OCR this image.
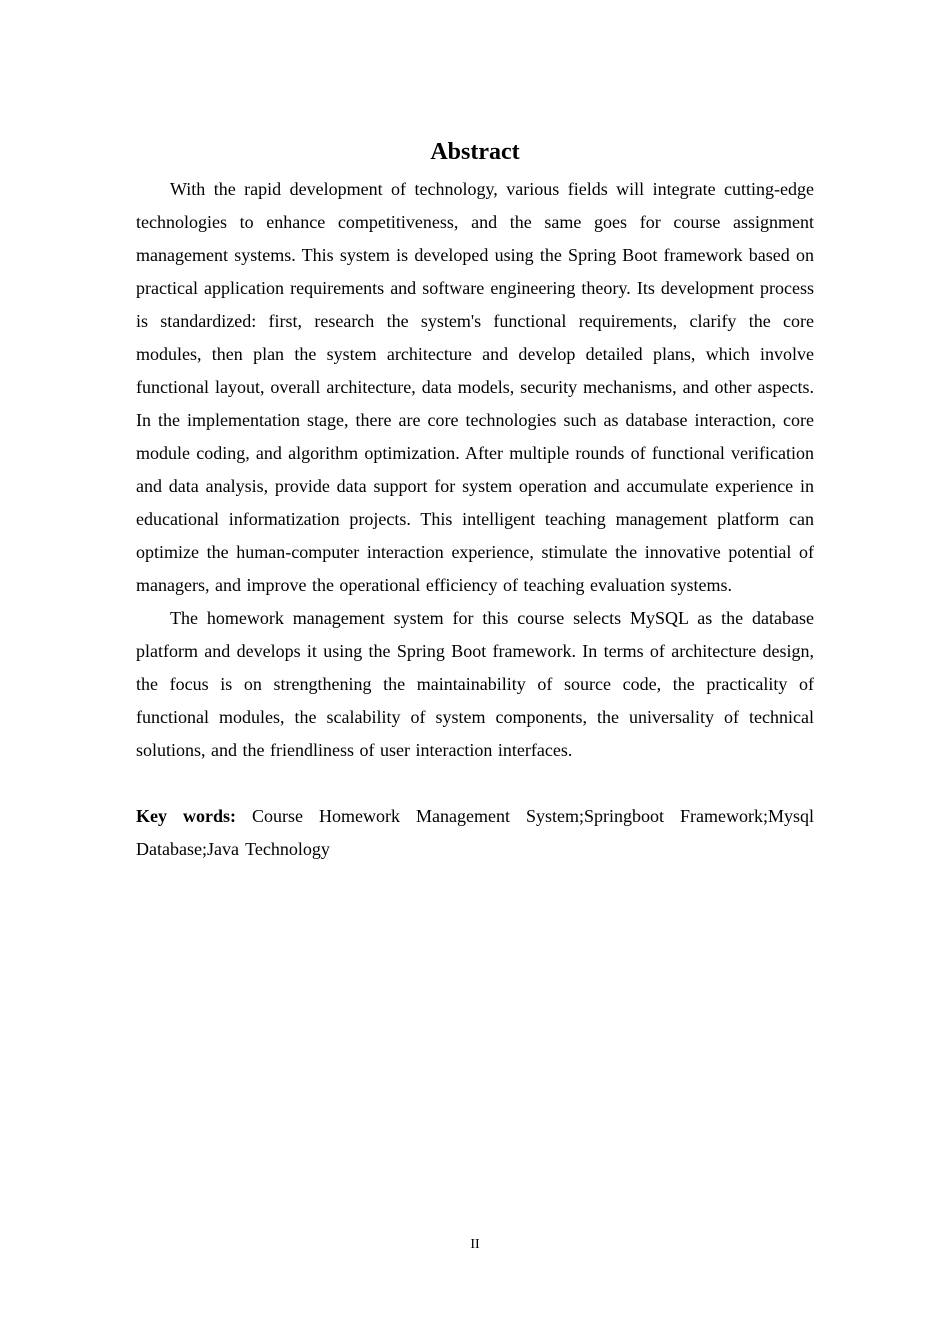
Abstract

With the rapid development of technology, various fields will integrate cutting-edge technologies to enhance competitiveness, and the same goes for course assignment management systems. This system is developed using the Spring Boot framework based on practical application requirements and software engineering theory. Its development process is standardized: first, research the system's functional requirements, clarify the core modules, then plan the system architecture and develop detailed plans, which involve functional layout, overall architecture, data models, security mechanisms, and other aspects. In the implementation stage, there are core technologies such as database interaction, core module coding, and algorithm optimization. After multiple rounds of functional verification and data analysis, provide data support for system operation and accumulate experience in educational informatization projects. This intelligent teaching management platform can optimize the human-computer interaction experience, stimulate the innovative potential of managers, and improve the operational efficiency of teaching evaluation systems.

The homework management system for this course selects MySQL as the database platform and develops it using the Spring Boot framework. In terms of architecture design, the focus is on strengthening the maintainability of source code, the practicality of functional modules, the scalability of system components, the universality of technical solutions, and the friendliness of user interaction interfaces.

Key words: Course Homework Management System;Springboot Framework;Mysql Database;Java Technology

II
